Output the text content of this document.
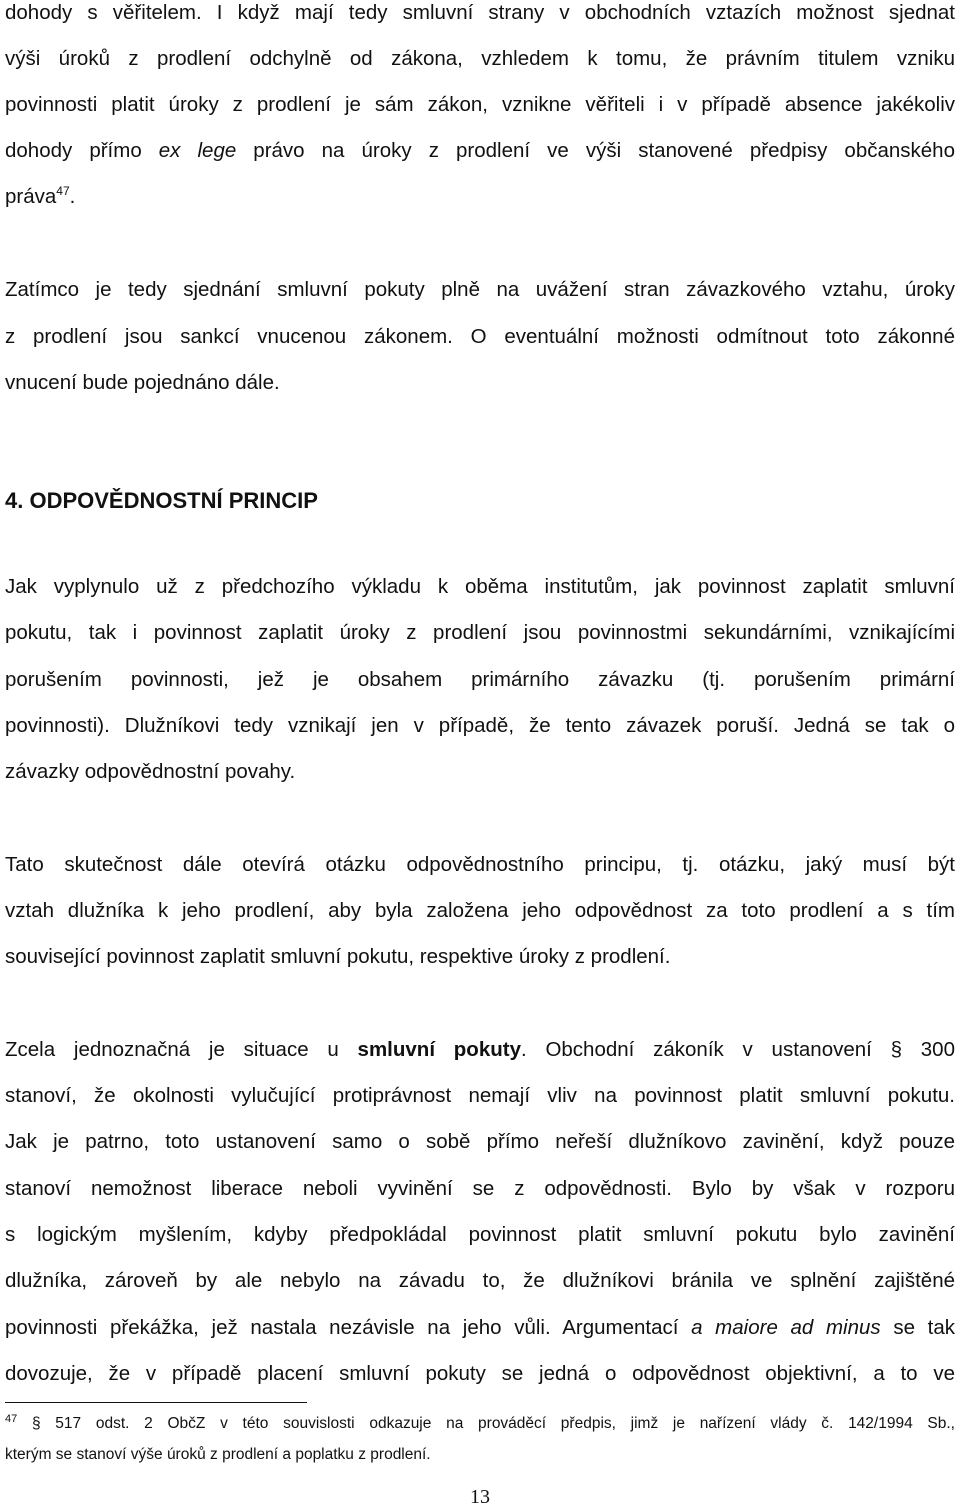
dohody s věřitelem. I když mají tedy smluvní strany v obchodních vztazích možnost sjednat
výši úroků z prodlení odchylně od zákona, vzhledem k tomu, že právním titulem vzniku
povinnosti platit úroky z prodlení je sám zákon, vznikne věřiteli i v případě absence jakékoliv
dohody přímo ex lege právo na úroky z prodlení ve výši stanovené předpisy občanského
práva$^{47}$.
Zatímco je tedy sjednání smluvní pokuty plně na uvážení stran závazkového vztahu, úroky
z prodlení jsou sankcí vnucenou zákonem. O eventuální možnosti odmítnout toto zákonné
vnucení bude pojednáno dále.
4. ODPOVĚDNOSTNÍ PRINCIP
Jak vyplynulo už z předchozího výkladu k oběma institutům, jak povinnost zaplatit smluvní
pokutu, tak i povinnost zaplatit úroky z prodlení jsou povinnostmi sekundárními, vznikajícími
porušením povinnosti, jež je obsahem primárního závazku (tj. porušením primární
povinnosti). Dlužníkovi tedy vznikají jen v případě, že tento závazek poruší. Jedná se tak o
závazky odpovědnostní povahy.
Tato skutečnost dále otevírá otázku odpovědnostního principu, tj. otázku, jaký musí být
vztah dlužníka k jeho prodlení, aby byla založena jeho odpovědnost za toto prodlení a s tím
související povinnost zaplatit smluvní pokutu, respektive úroky z prodlení.
Zcela jednoznačná je situace u smluvní pokuty. Obchodní zákoník v ustanovení § 300
stanoví, že okolnosti vylučující protiprávnost nemají vliv na povinnost platit smluvní pokutu.
Jak je patrno, toto ustanovení samo o sobě přímo neřeší dlužníkovo zavinění, když pouze
stanoví nemožnost liberace neboli vyvinění se z odpovědnosti. Bylo by však v rozporu
s logickým myšlením, kdyby předpokládal povinnost platit smluvní pokutu bylo zavinění
dlužníka, zároveň by ale nebylo na závadu to, že dlužníkovi bránila ve splnění zajištěné
povinnosti překážka, jež nastala nezávisle na jeho vůli. Argumentací a maiore ad minus se tak
dovozuje, že v případě placení smluvní pokuty se jedná o odpovědnost objektivní, a to ve
$^{47}$ § 517 odst. 2 ObčZ v této souvislosti odkazuje na prováděcí předpis, jimž je nařízení vlády č. 142/1994 Sb.,
kterým se stanoví výše úroků z prodlení a poplatku z prodlení.
13
